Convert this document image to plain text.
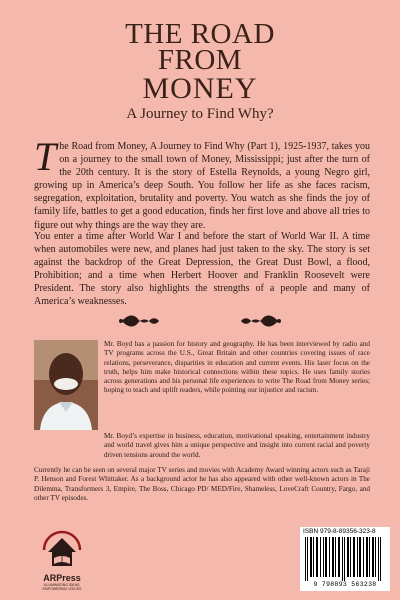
THE ROAD
FROM
MONEY
A Journey to Find Why?
T he Road from Money, A Journey to Find Why (Part 1), 1925-1937, takes you on a journey to the small town of Money, Mississippi; just after the turn of the 20th century. It is the story of Estella Reynolds, a young Negro girl, growing up in America’s deep South. You follow her life as she faces racism, segregation, exploitation, brutality and poverty. You watch as she finds the joy of family life, battles to get a good education, finds her first love and above all tries to figure out why things are the way they are.
You enter a time after World War I and before the start of World War II. A time when automobiles were new, and planes had just taken to the sky. The story is set against the backdrop of the Great Depression, the Great Dust Bowl, a flood, Prohibition; and a time when Herbert Hoover and Franklin Roosevelt were President. The story also highlights the strengths of a people and many of America’s weaknesses.
Mr. Boyd has a passion for history and geography. He has been interviewed by radio and TV programs across the U.S., Great Britain and other countries covering issues of race relations, perseverance, disparities in education and current events. His laser focus on the truth, helps him make historical connections within these topics. He uses family stories across generations and his personal life experiences to write The Road from Money series; hoping to teach and uplift readers, while pointing our injustice and racism.
Mr. Boyd’s expertise in business, education, motivational speaking, entertainment industry and world travel gives him a unique perspective and insight into current racial and poverty driven tensions around the world.
Currently he can be seen on several major TV series and movies with Academy Award winning actors such as Taraji P. Henson and Forest Whittaker. As a background actor he has also appeared with other well-known actors in The Dilemma, Transformers 3, Empire, The Boss, Chicago PD/ MED/Fire, Shameless, LoveCraft Country, Fargo, and other TV episodes.
ARPress
ILLUMINATING IDEAS, EMPOWERING VOICES
ISBN 979-8-89356-323-8
9 798893 563238
